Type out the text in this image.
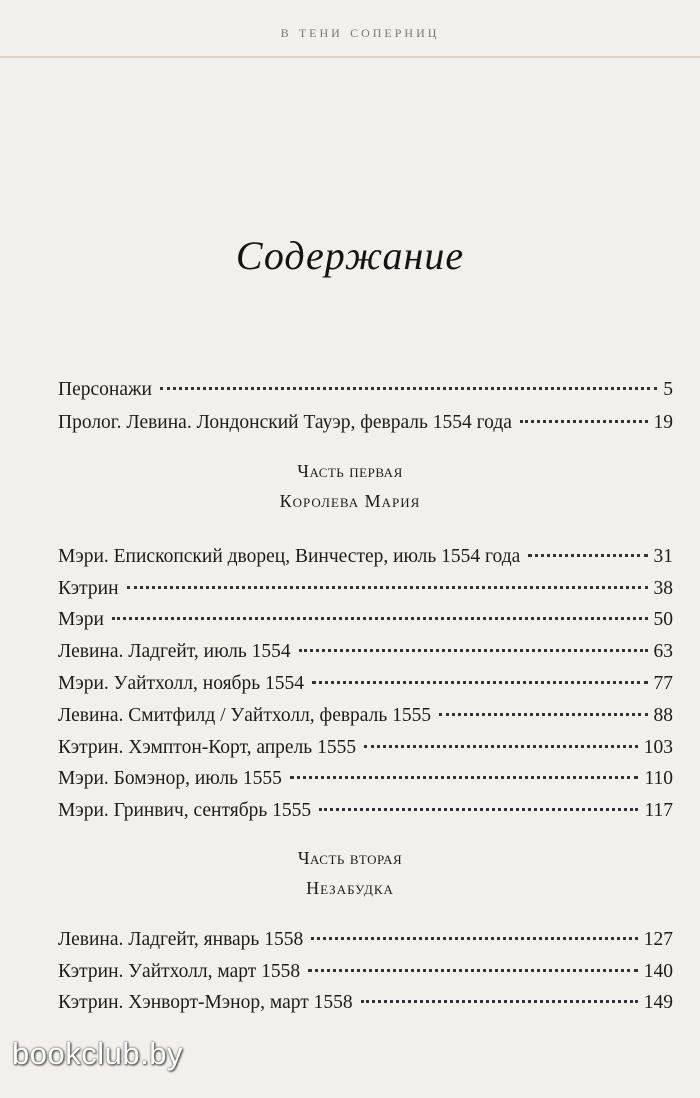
в тени соперниц
Содержание
Персонажи	5
Пролог. Левина. Лондонский Тауэр, февраль 1554 года	19
Часть первая
Королева Мария
Мэри. Епископский дворец, Винчестер, июль 1554 года	31
Кэтрин	38
Мэри	50
Левина. Ладгейт, июль 1554	63
Мэри. Уайтхолл, ноябрь 1554	77
Левина. Смитфилд / Уайтхолл, февраль 1555	88
Кэтрин. Хэмптон-Корт, апрель 1555	103
Мэри. Бомэнор, июль 1555	110
Мэри. Гринвич, сентябрь 1555	117
Часть вторая
Незабудка
Левина. Ладгейт, январь 1558	127
Кэтрин. Уайтхолл, март 1558	140
Кэтрин. Хэнворт-Мэнор, март 1558	149
bookclub.by
